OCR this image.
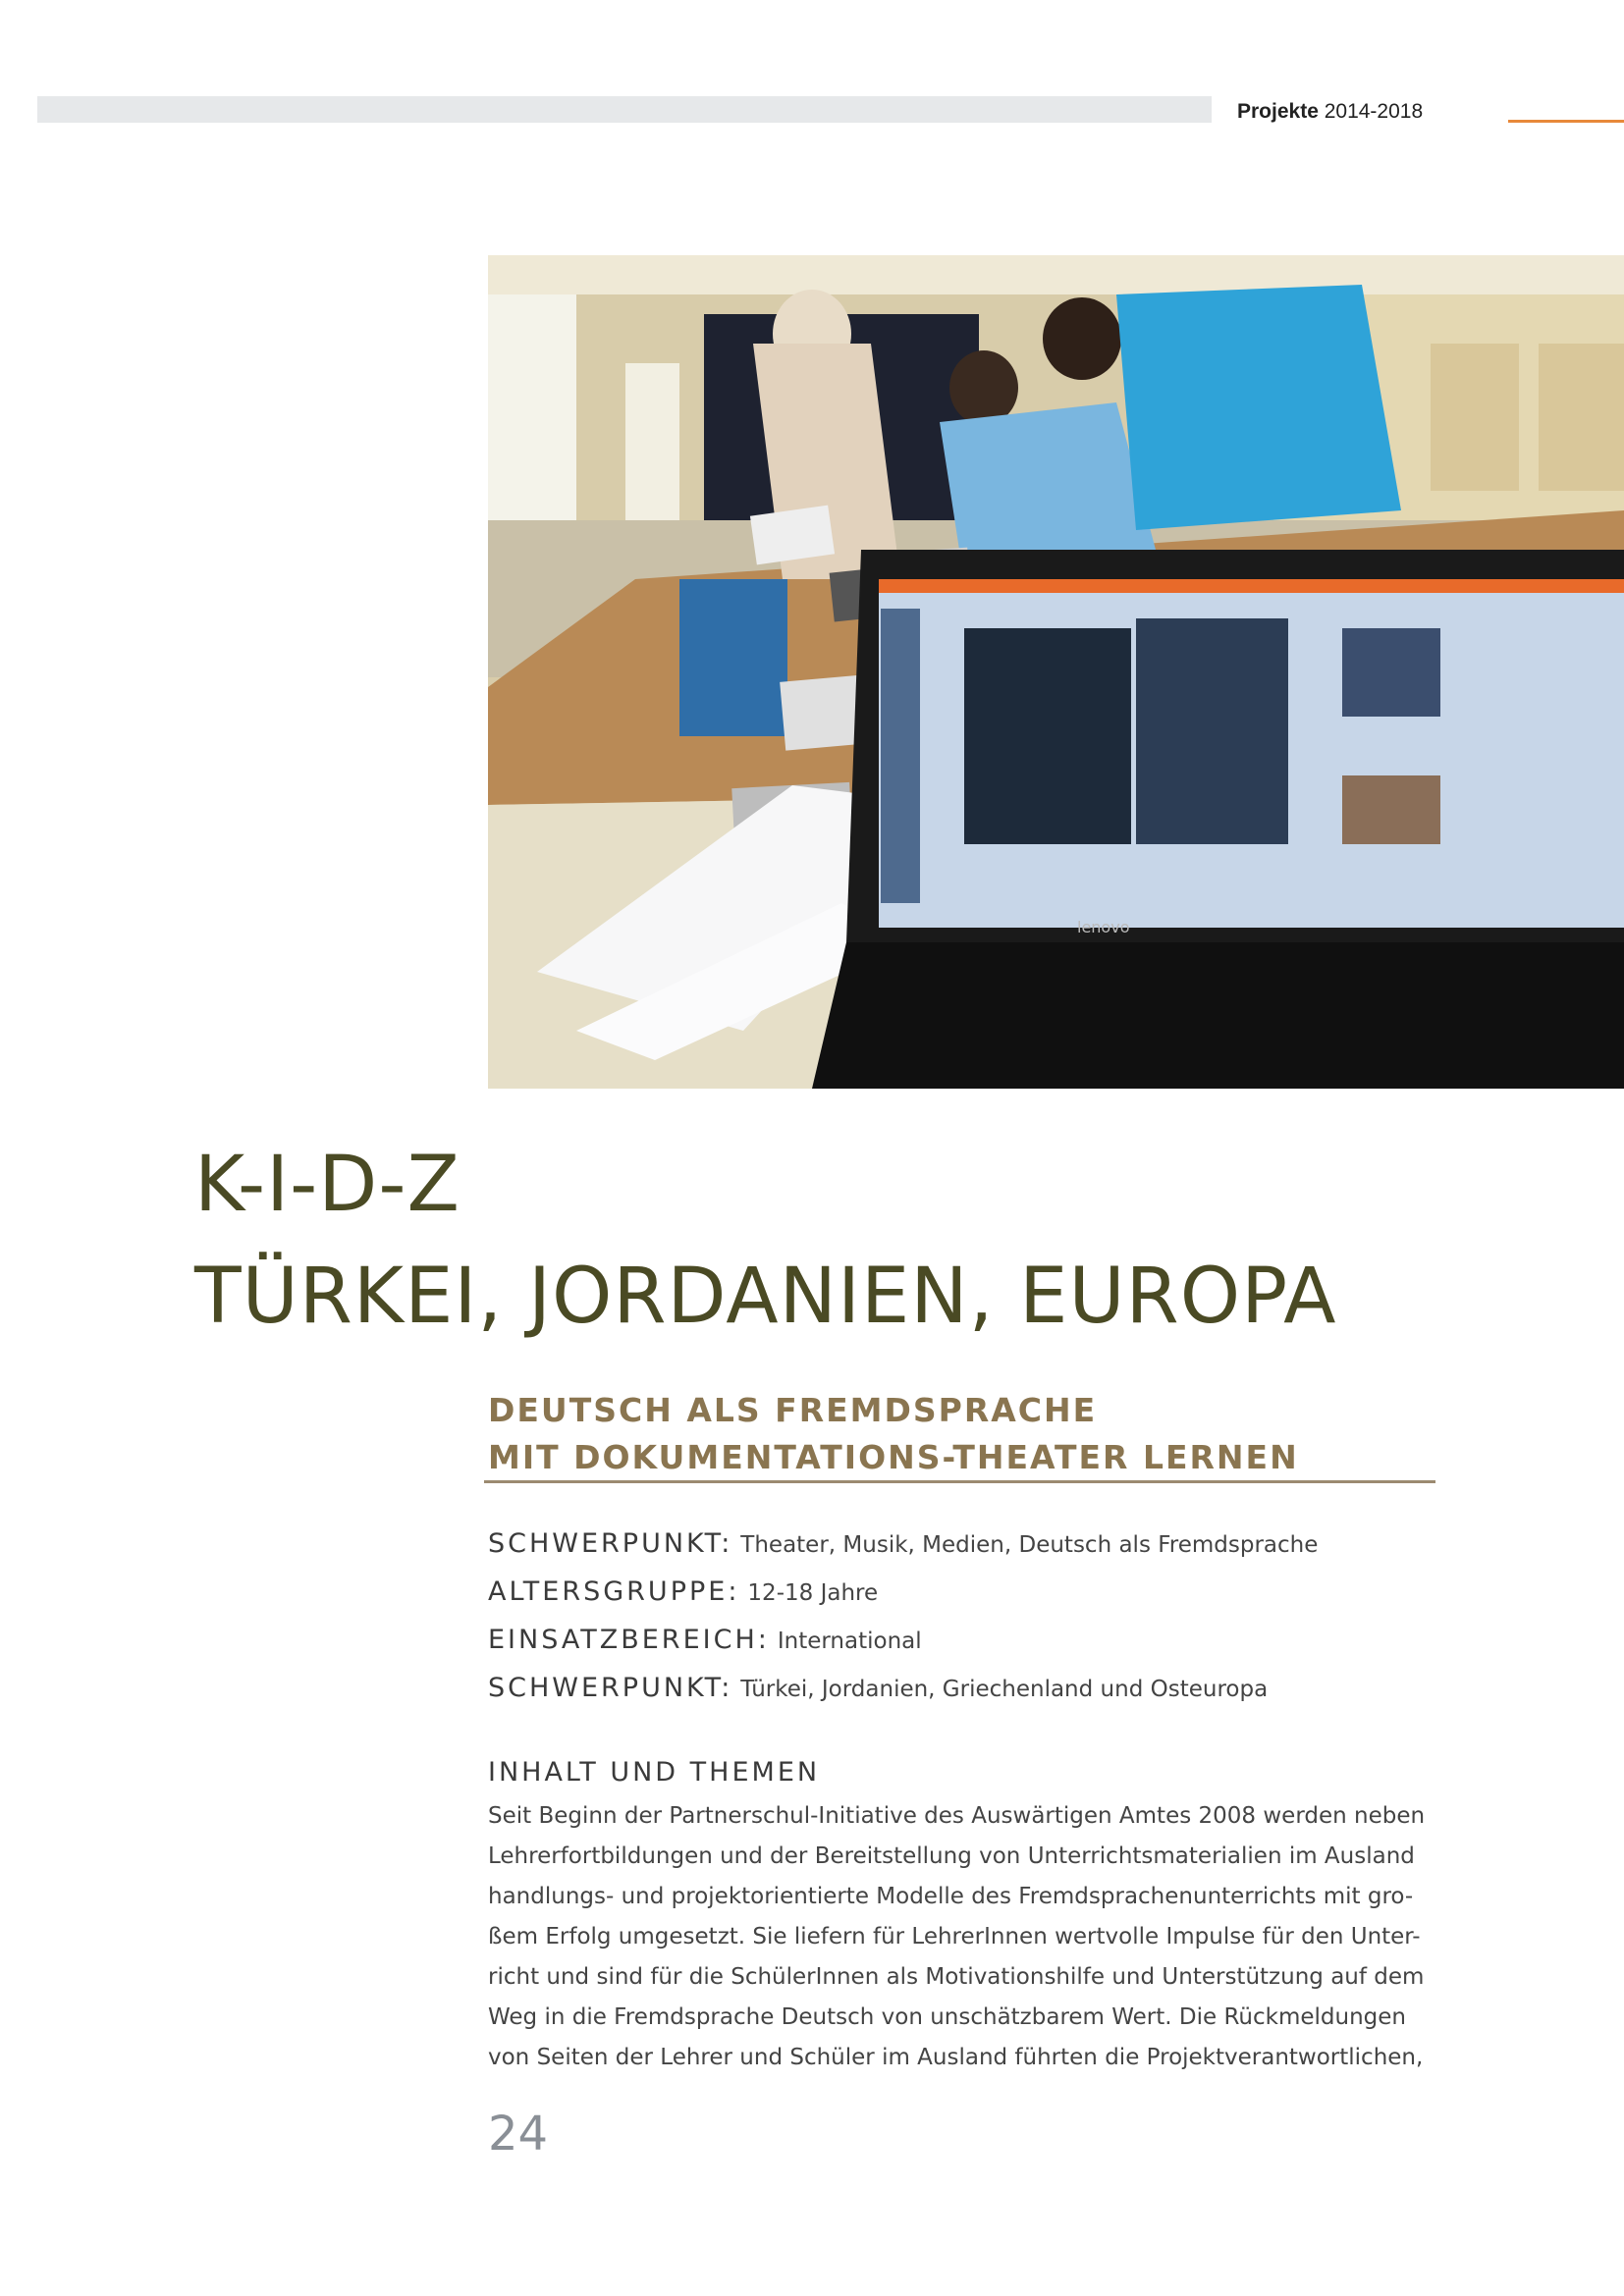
Projekte 2014-2018
lenovo
K-I-D-Z
TÜRKEI, JORDANIEN, EUROPA
DEUTSCH ALS FREMDSPRACHE
MIT DOKUMENTATIONS-THEATER LERNEN
SCHWERPUNKT: Theater, Musik, Medien, Deutsch als Fremdsprache
ALTERSGRUPPE: 12-18 Jahre
EINSATZBEREICH: International
SCHWERPUNKT: Türkei, Jordanien, Griechenland und Osteuropa
INHALT UND THEMEN
Seit Beginn der Partnerschul-Initiative des Auswärtigen Amtes 2008 werden neben
Lehrerfortbildungen und der Bereitstellung von Unterrichtsmaterialien im Ausland
handlungs- und projektorientierte Modelle des Fremdsprachenunterrichts mit gro-
ßem Erfolg umgesetzt. Sie liefern für LehrerInnen wertvolle Impulse für den Unter-
richt und sind für die SchülerInnen als Motivationshilfe und Unterstützung auf dem
Weg in die Fremdsprache Deutsch von unschätzbarem Wert. Die Rückmeldungen
von Seiten der Lehrer und Schüler im Ausland führten die Projektverantwortlichen,
24
